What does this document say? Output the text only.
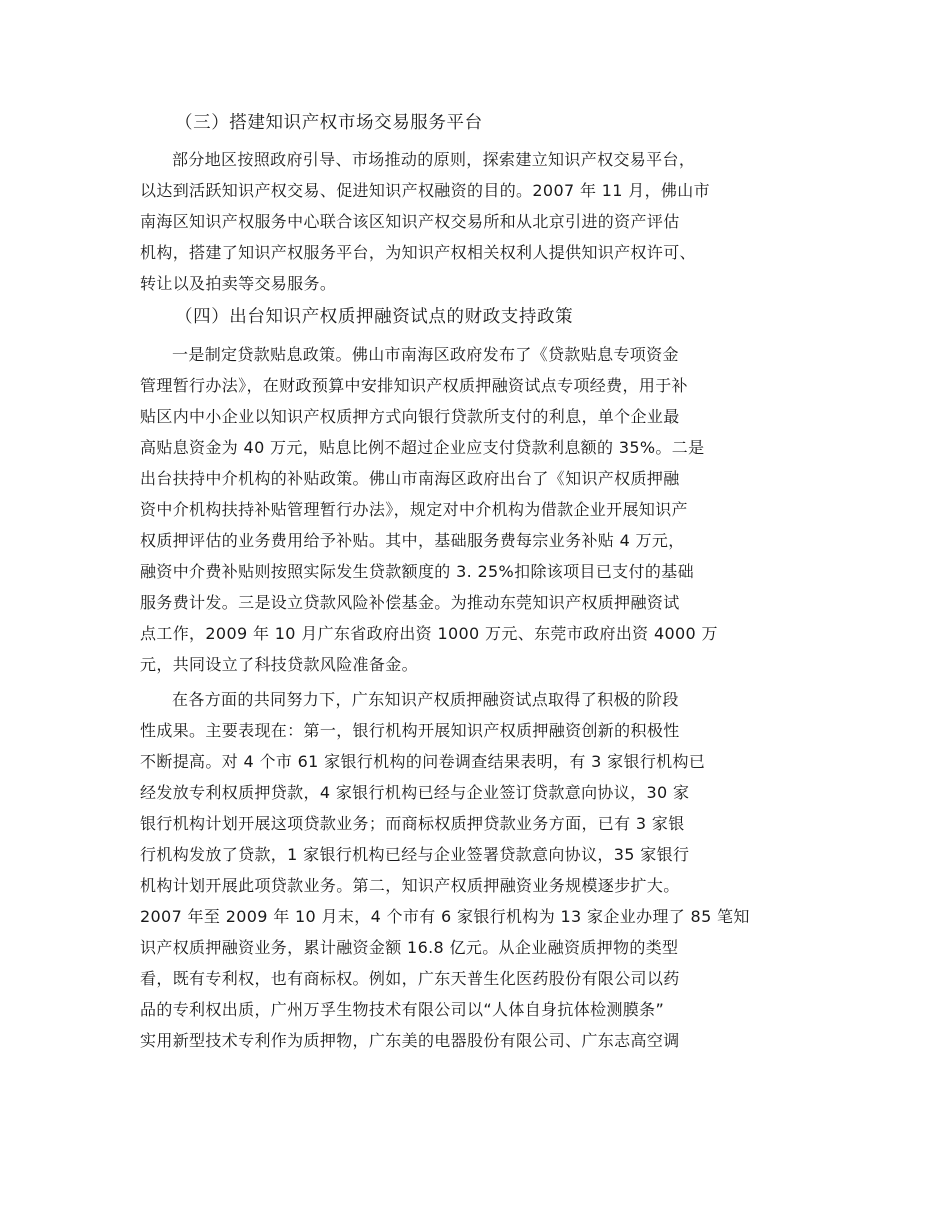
（三）搭建知识产权市场交易服务平台
部分地区按照政府引导、市场推动的原则，探索建立知识产权交易平台，
以达到活跃知识产权交易、促进知识产权融资的目的。2007 年 11 月，佛山市
南海区知识产权服务中心联合该区知识产权交易所和从北京引进的资产评估
机构，搭建了知识产权服务平台，为知识产权相关权利人提供知识产权许可、
转让以及拍卖等交易服务。
（四）出台知识产权质押融资试点的财政支持政策
一是制定贷款贴息政策。佛山市南海区政府发布了《贷款贴息专项资金
管理暂行办法》，在财政预算中安排知识产权质押融资试点专项经费，用于补
贴区内中小企业以知识产权质押方式向银行贷款所支付的利息，单个企业最
高贴息资金为 40 万元，贴息比例不超过企业应支付贷款利息额的 35%。二是
出台扶持中介机构的补贴政策。佛山市南海区政府出台了《知识产权质押融
资中介机构扶持补贴管理暂行办法》，规定对中介机构为借款企业开展知识产
权质押评估的业务费用给予补贴。其中，基础服务费每宗业务补贴 4 万元，
融资中介费补贴则按照实际发生贷款额度的 3. 25%扣除该项目已支付的基础
服务费计发。三是设立贷款风险补偿基金。为推动东莞知识产权质押融资试
点工作，2009 年 10 月广东省政府出资 1000 万元、东莞市政府出资 4000 万
元，共同设立了科技贷款风险准备金。
在各方面的共同努力下，广东知识产权质押融资试点取得了积极的阶段
性成果。主要表现在：第一，银行机构开展知识产权质押融资创新的积极性
不断提高。对 4 个市 61 家银行机构的问卷调查结果表明，有 3 家银行机构已
经发放专利权质押贷款，4 家银行机构已经与企业签订贷款意向协议，30 家
银行机构计划开展这项贷款业务；而商标权质押贷款业务方面，已有 3 家银
行机构发放了贷款，1 家银行机构已经与企业签署贷款意向协议，35 家银行
机构计划开展此项贷款业务。第二，知识产权质押融资业务规模逐步扩大。
2007 年至 2009 年 10 月末，4 个市有 6 家银行机构为 13 家企业办理了 85 笔知
识产权质押融资业务，累计融资金额 16.8 亿元。从企业融资质押物的类型
看，既有专利权，也有商标权。例如，广东天普生化医药股份有限公司以药
品的专利权出质，广州万孚生物技术有限公司以“人体自身抗体检测膜条”
实用新型技术专利作为质押物，广东美的电器股份有限公司、广东志高空调
